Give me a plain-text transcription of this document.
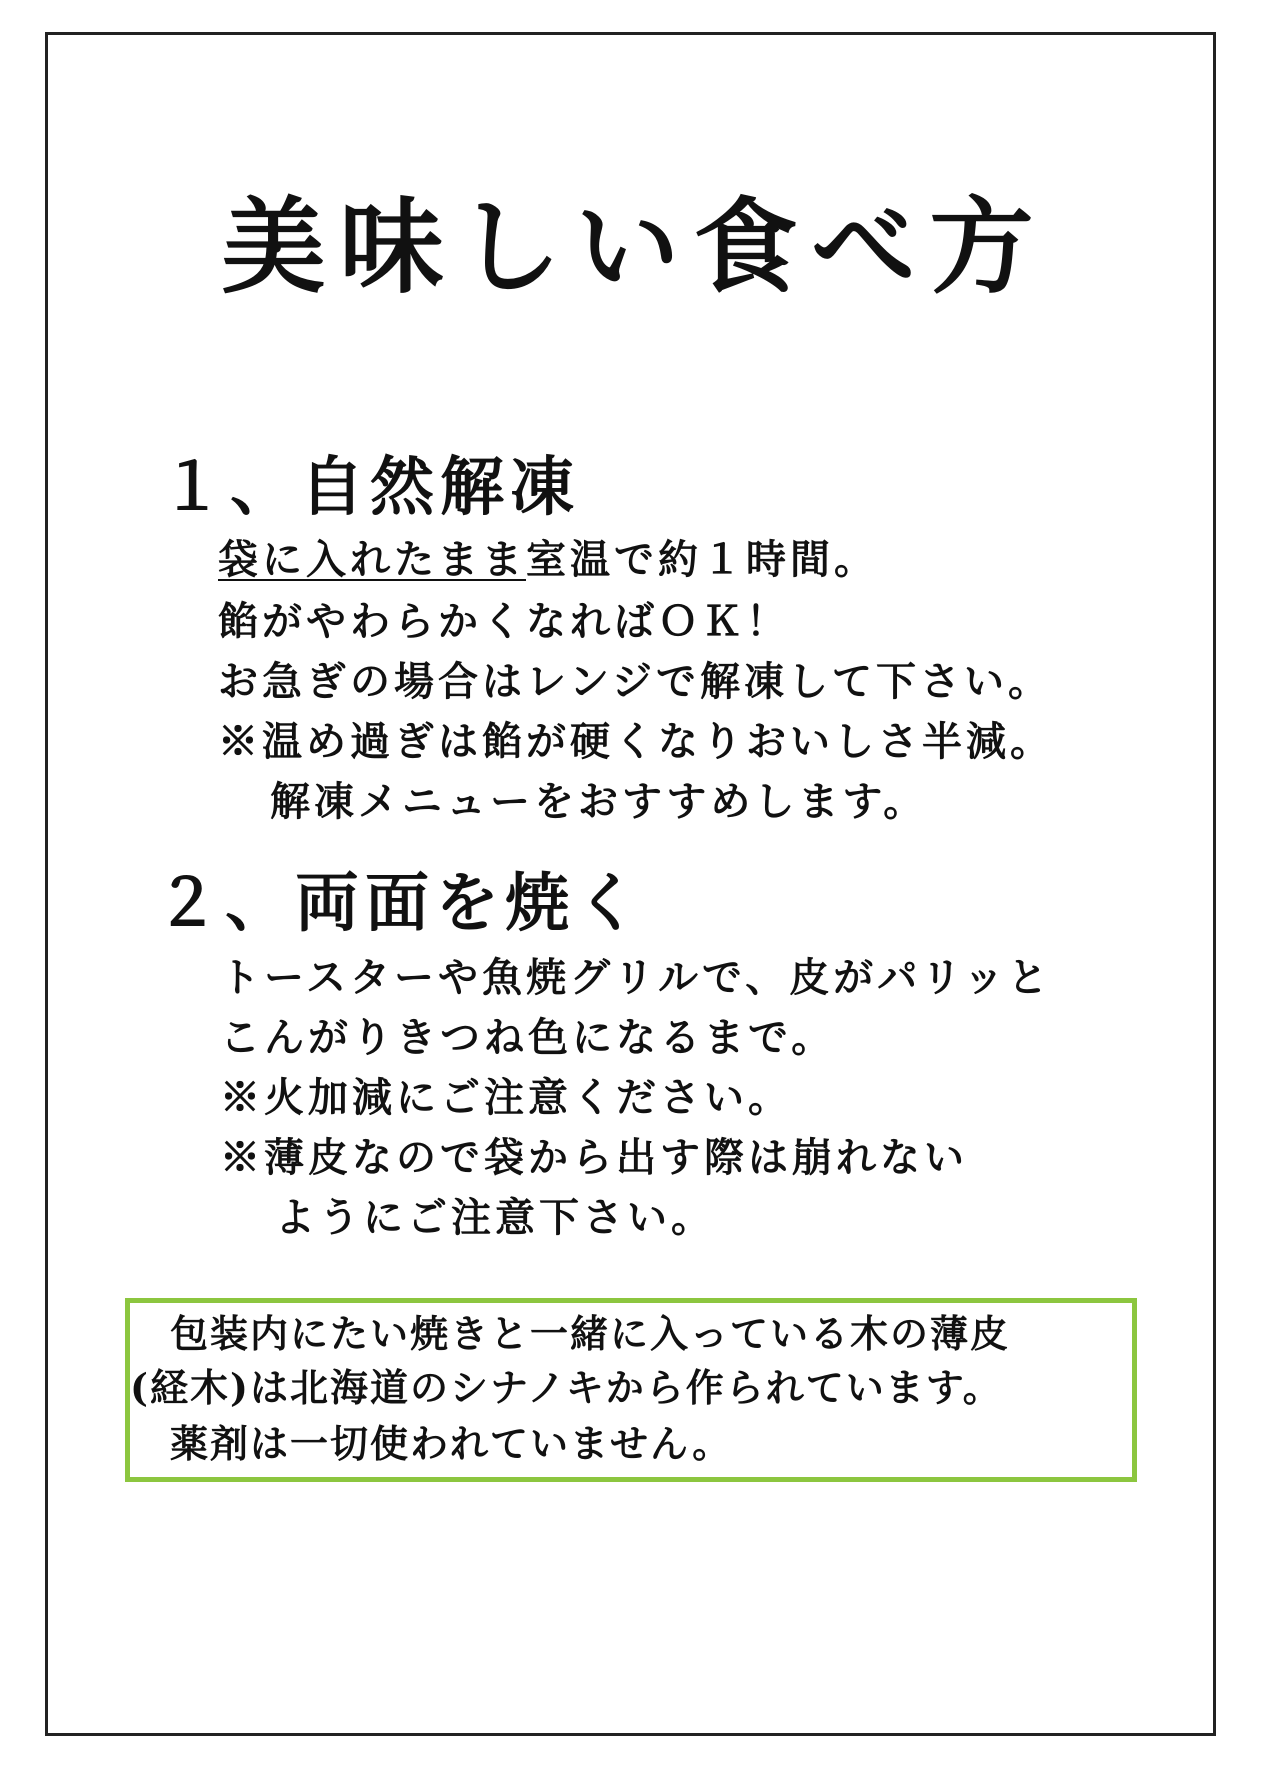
美味しい食べ方
１、自然解凍
袋に入れたまま室温で約１時間。
餡がやわらかくなればＯＫ！
お急ぎの場合はレンジで解凍して下さい。
※温め過ぎは餡が硬くなりおいしさ半減。
解凍メニューをおすすめします。
２、両面を焼く
トースターや魚焼グリルで、皮がパリッと
こんがりきつね色になるまで。
※火加減にご注意ください。
※薄皮なので袋から出す際は崩れない
ようにご注意下さい。
包装内にたい焼きと一緒に入っている木の薄皮
(経木)は北海道のシナノキから作られています。
薬剤は一切使われていません。
